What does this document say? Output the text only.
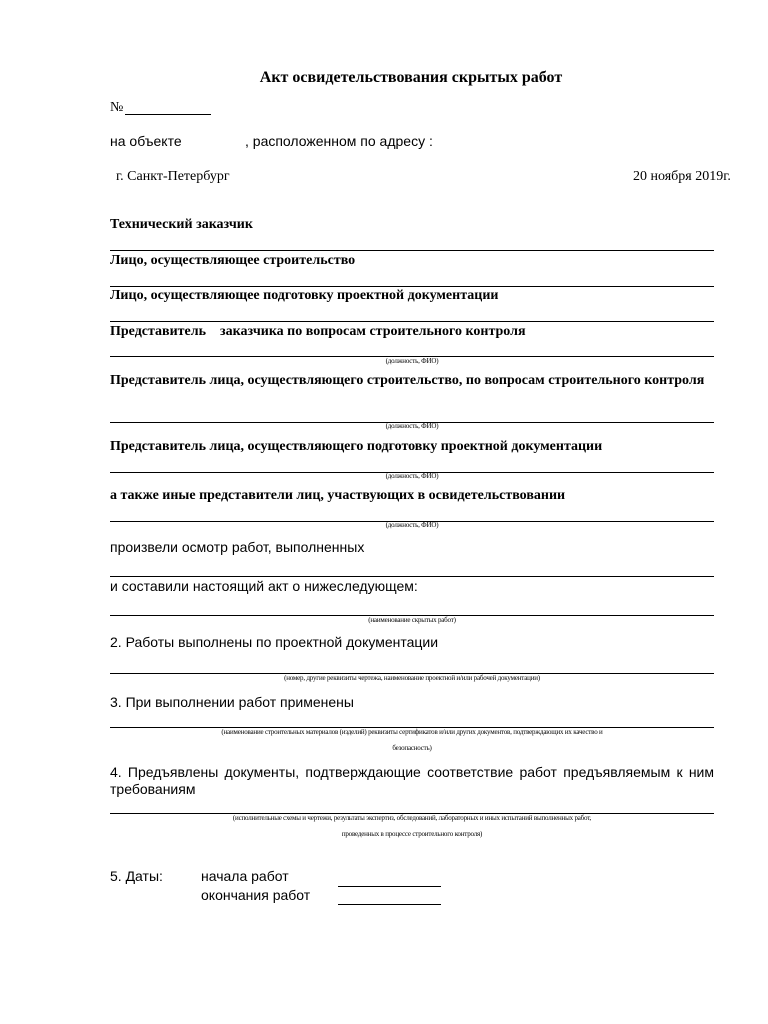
Акт освидетельствования скрытых работ

№

на объекте	, расположенном по адресу :

г. Санкт-Петербург	20 ноября 2019г.

Технический заказчик

Лицо, осуществляющее строительство

Лицо, осуществляющее подготовку проектной документации

Представитель    заказчика по вопросам строительного контроля

(должность, ФИО)

Представитель лица, осуществляющего строительство, по вопросам строительного контроля

(должность, ФИО)

Представитель лица, осуществляющего подготовку проектной документации

(должность, ФИО)

а также иные представители лиц, участвующих в освидетельствовании

(должность, ФИО)

произвели осмотр работ, выполненных

и составили настоящий акт о нижеследующем:

(наименование скрытых работ)

2. Работы выполнены по проектной документации

(номер, другие реквизиты чертежа, наименование проектной и/или рабочей документации)

3. При выполнении работ применены

(наименование строительных материалов (изделий) реквизиты сертификатов и/или других документов, подтверждающих их качество и
безопасность)

4. Предъявлены документы, подтверждающие соответствие работ предъявляемым к ним требованиям

(исполнительные схемы и чертежи, результаты экспертиз, обследований, лабораторных и иных испытаний выполненных работ,
проведенных в процессе строительного контроля)

5. Даты:	начала работ

окончания работ
